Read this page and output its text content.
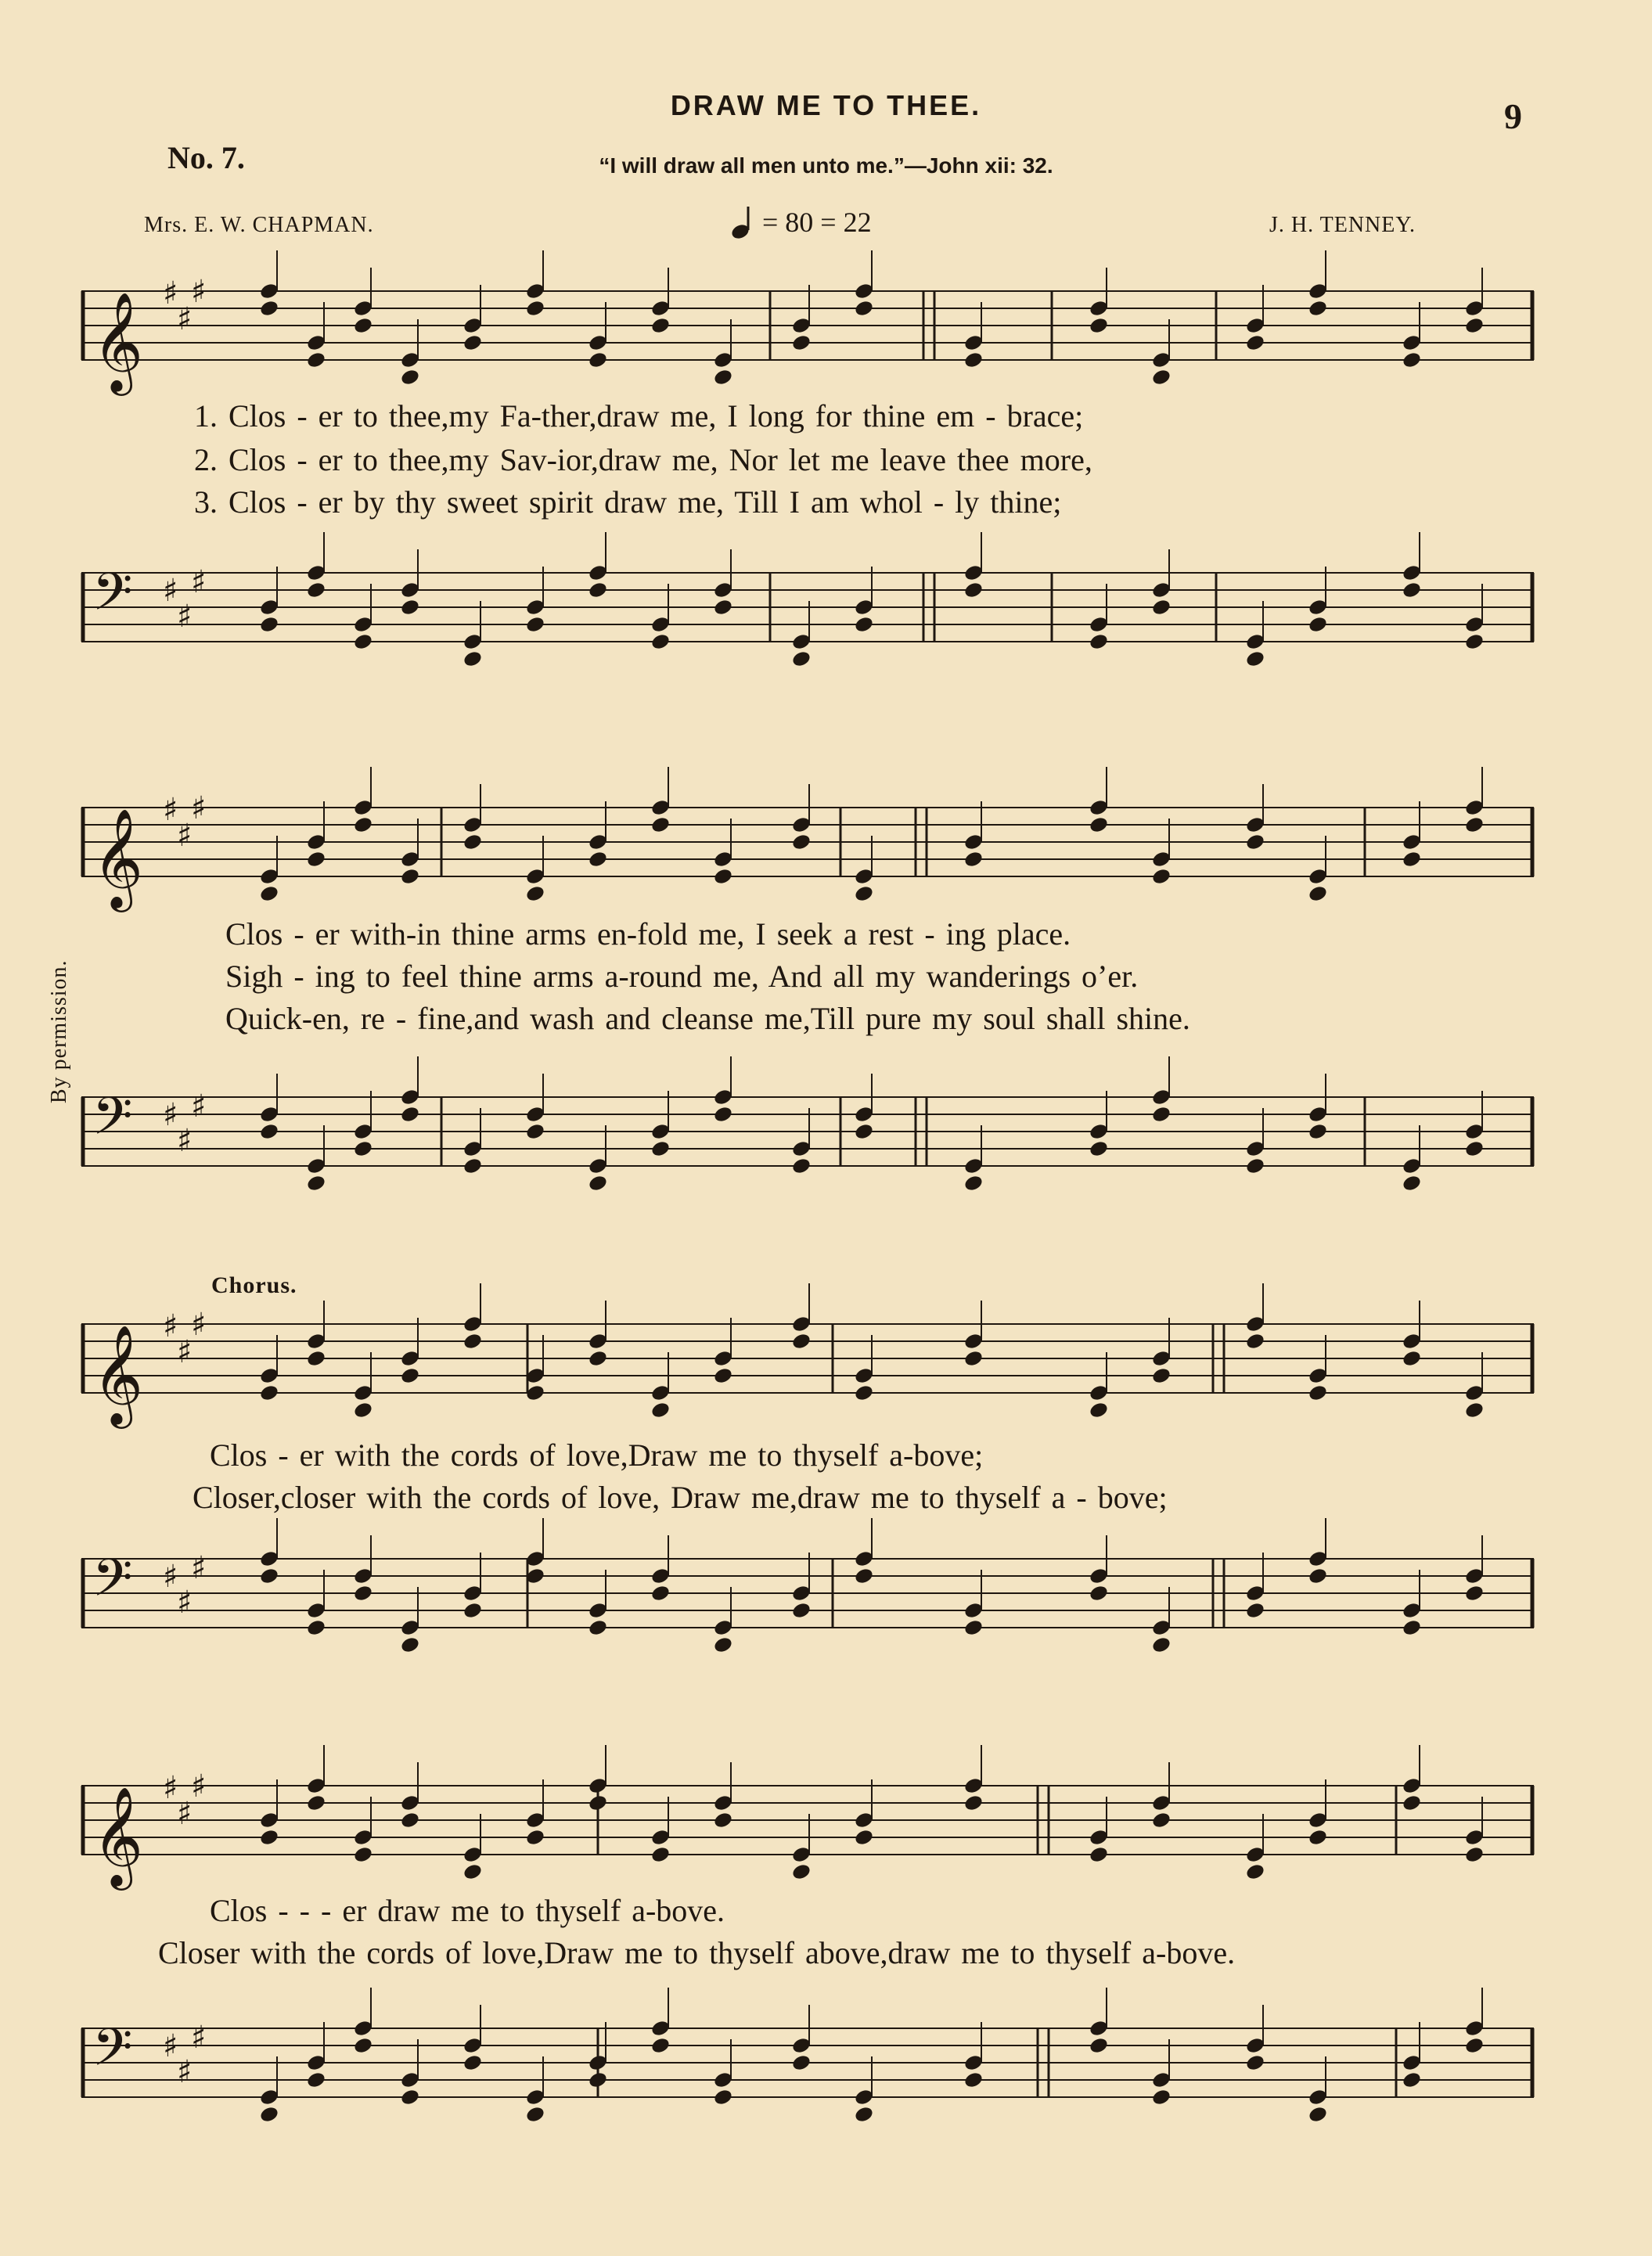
DRAW ME TO THEE.	9
No. 7.	“I will draw all men unto me.”—John xii: 32.
Mrs. E. W. CHAPMAN.	J. H. TENNEY.
= 80 = 22
By permission.
Chorus.
𝄞 ♯
♯
♯
𝄢 ♯
♯
♯
1. Clos - er to thee,my Fa-ther,draw me, I long for thine em - brace;
2. Clos - er to thee,my Sav-ior,draw me, Nor let me leave thee more,
3. Clos - er by thy sweet spirit draw me, Till I am whol - ly thine;
𝄞 ♯
♯
♯
𝄢 ♯
♯
♯
Clos - er with-in thine arms en-fold me, I seek a rest - ing place.
Sigh - ing to feel thine arms a-round me, And all my wanderings o’er.
Quick-en, re - fine,and wash and cleanse me,Till pure my soul shall shine.
𝄞 ♯
♯
♯
𝄢 ♯
♯
♯
Clos - er with the cords of love,Draw me to thyself a-bove;
Closer,closer with the cords of love, Draw me,draw me to thyself a - bove;
𝄞 ♯
♯
♯
𝄢 ♯
♯
♯
Clos - - - er draw me to thyself a-bove.
Closer with the cords of love,Draw me to thyself above,draw me to thyself a-bove.
